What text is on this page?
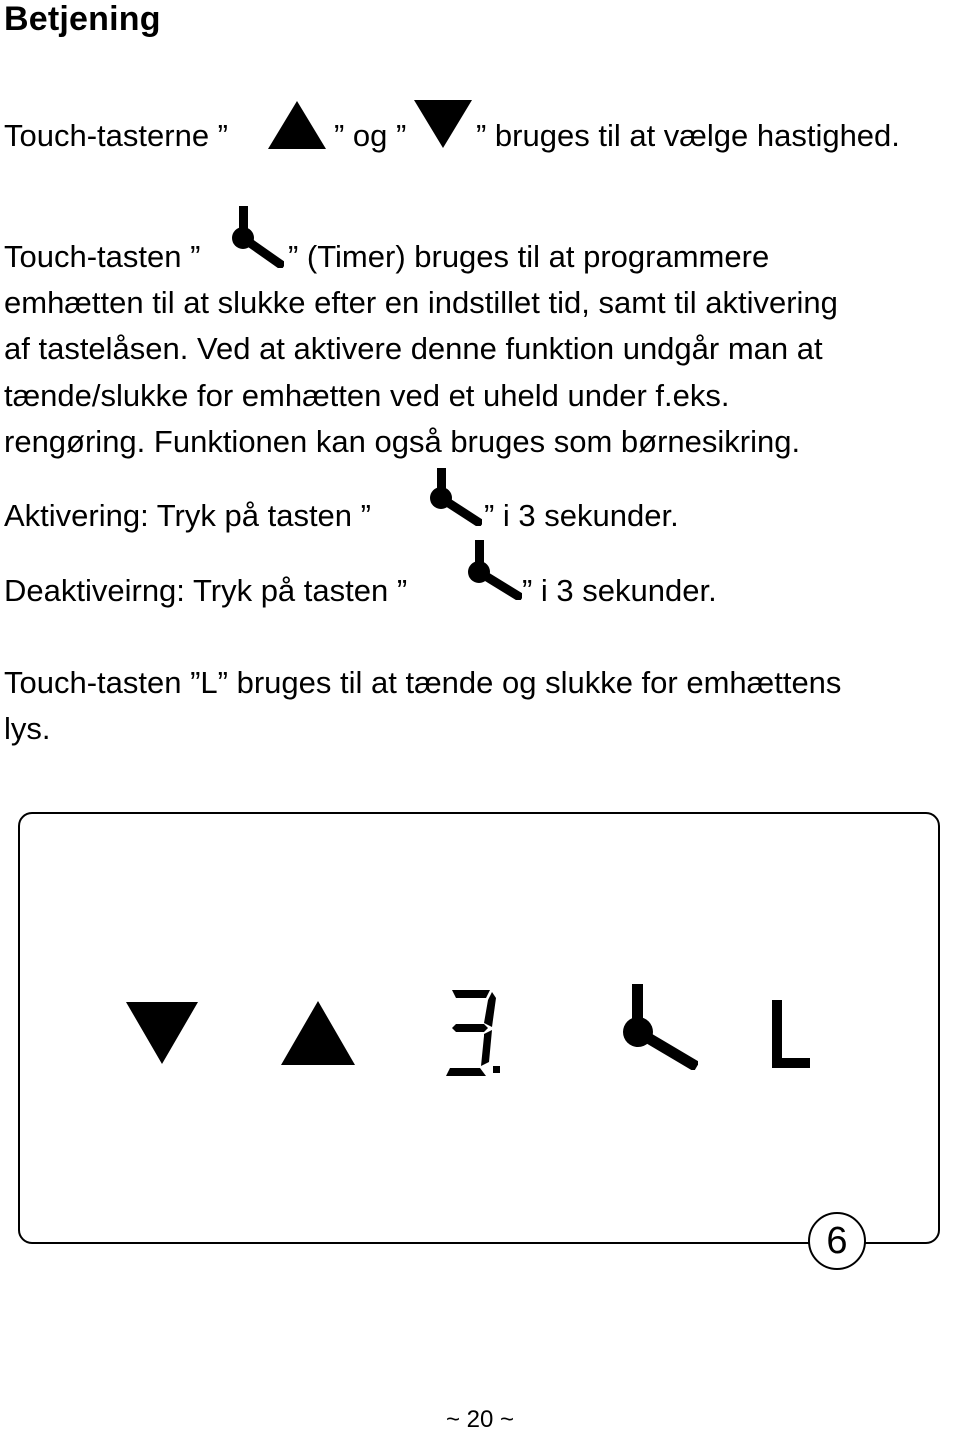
Betjening
Touch-tasterne ”	” og ” ” bruges til at vælge hastighed.
Touch-tasten ”	” (Timer) bruges til at programmere
emhætten til at slukke efter en indstillet tid, samt til aktivering
af tastelåsen. Ved at aktivere denne funktion undgår man at
tænde/slukke for emhætten ved et uheld under f.eks.
rengøring. Funktionen kan også bruges som børnesikring.
Aktivering: Tryk på tasten ”	” i 3 sekunder.
Deaktiveirng: Tryk på tasten ”	” i 3 sekunder.
Touch-tasten ”L” bruges til at tænde og slukke for emhættens
lys.
6
~ 20 ~
